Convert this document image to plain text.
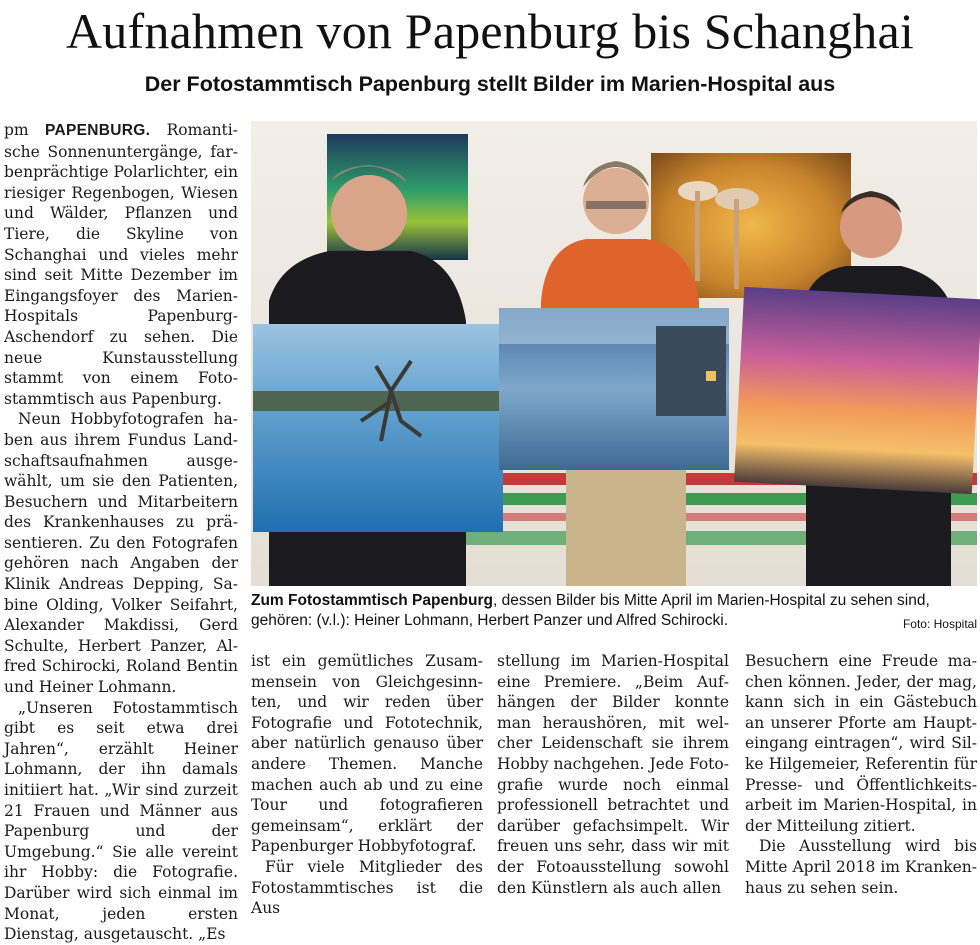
Aufnahmen von Papenburg bis Schanghai
Der Fotostammtisch Papenburg stellt Bilder im Marien-Hospital aus

pm PAPENBURG. Romantische Sonnenuntergänge, farbenprächtige Polarlichter, ein riesiger Regenbogen, Wiesen und Wälder, Pflanzen und Tiere, die Skyline von Schanghai und vieles mehr sind seit Mitte Dezember im Eingangsfoyer des Marien-Hospitals Papenburg-Aschendorf zu sehen. Die neue Kunstausstellung stammt von einem Fotostammtisch aus Papenburg.

Neun Hobbyfotografen haben aus ihrem Fundus Landschaftsaufnahmen ausgewählt, um sie den Patienten, Besuchern und Mitarbeitern des Krankenhauses zu präsentieren. Zu den Fotografen gehören nach Angaben der Klinik Andreas Depping, Sabine Olding, Volker Seifahrt, Alexander Makdissi, Gerd Schulte, Herbert Panzer, Alfred Schirocki, Roland Bentin und Heiner Lohmann.

„Unseren Fotostammtisch gibt es seit etwa drei Jahren“, erzählt Heiner Lohmann, der ihn damals initiiert hat. „Wir sind zurzeit 21 Frauen und Männer aus Papenburg und der Umgebung.“ Sie alle vereint ihr Hobby: die Fotografie. Darüber wird sich einmal im Monat, jeden ersten Dienstag, ausgetauscht. „Es

Zum Fotostammtisch Papenburg, dessen Bilder bis Mitte April im Marien-Hospital zu sehen sind, gehören: (v.l.): Heiner Lohmann, Herbert Panzer und Alfred Schirocki.	Foto: Hospital

ist ein gemütliches Zusammensein von Gleichgesinnten, und wir reden über Fotografie und Fototechnik, aber natürlich genauso über andere Themen. Manche machen auch ab und zu eine Tour und fotografieren gemeinsam“, erklärt der Papenburger Hobbyfotograf.

Für viele Mitglieder des Fotostammtisches ist die Aus

stellung im Marien-Hospital eine Premiere. „Beim Aufhängen der Bilder konnte man heraushören, mit welcher Leidenschaft sie ihrem Hobby nachgehen. Jede Fotografie wurde noch einmal professionell betrachtet und darüber gefachsimpelt. Wir freuen uns sehr, dass wir mit der Fotoausstellung sowohl den Künstlern als auch allen

Besuchern eine Freude machen können. Jeder, der mag, kann sich in ein Gästebuch an unserer Pforte am Haupteingang eintragen“, wird Silke Hilgemeier, Referentin für Presse- und Öffentlichkeitsarbeit im Marien-Hospital, in der Mitteilung zitiert.

Die Ausstellung wird bis Mitte April 2018 im Krankenhaus zu sehen sein.
